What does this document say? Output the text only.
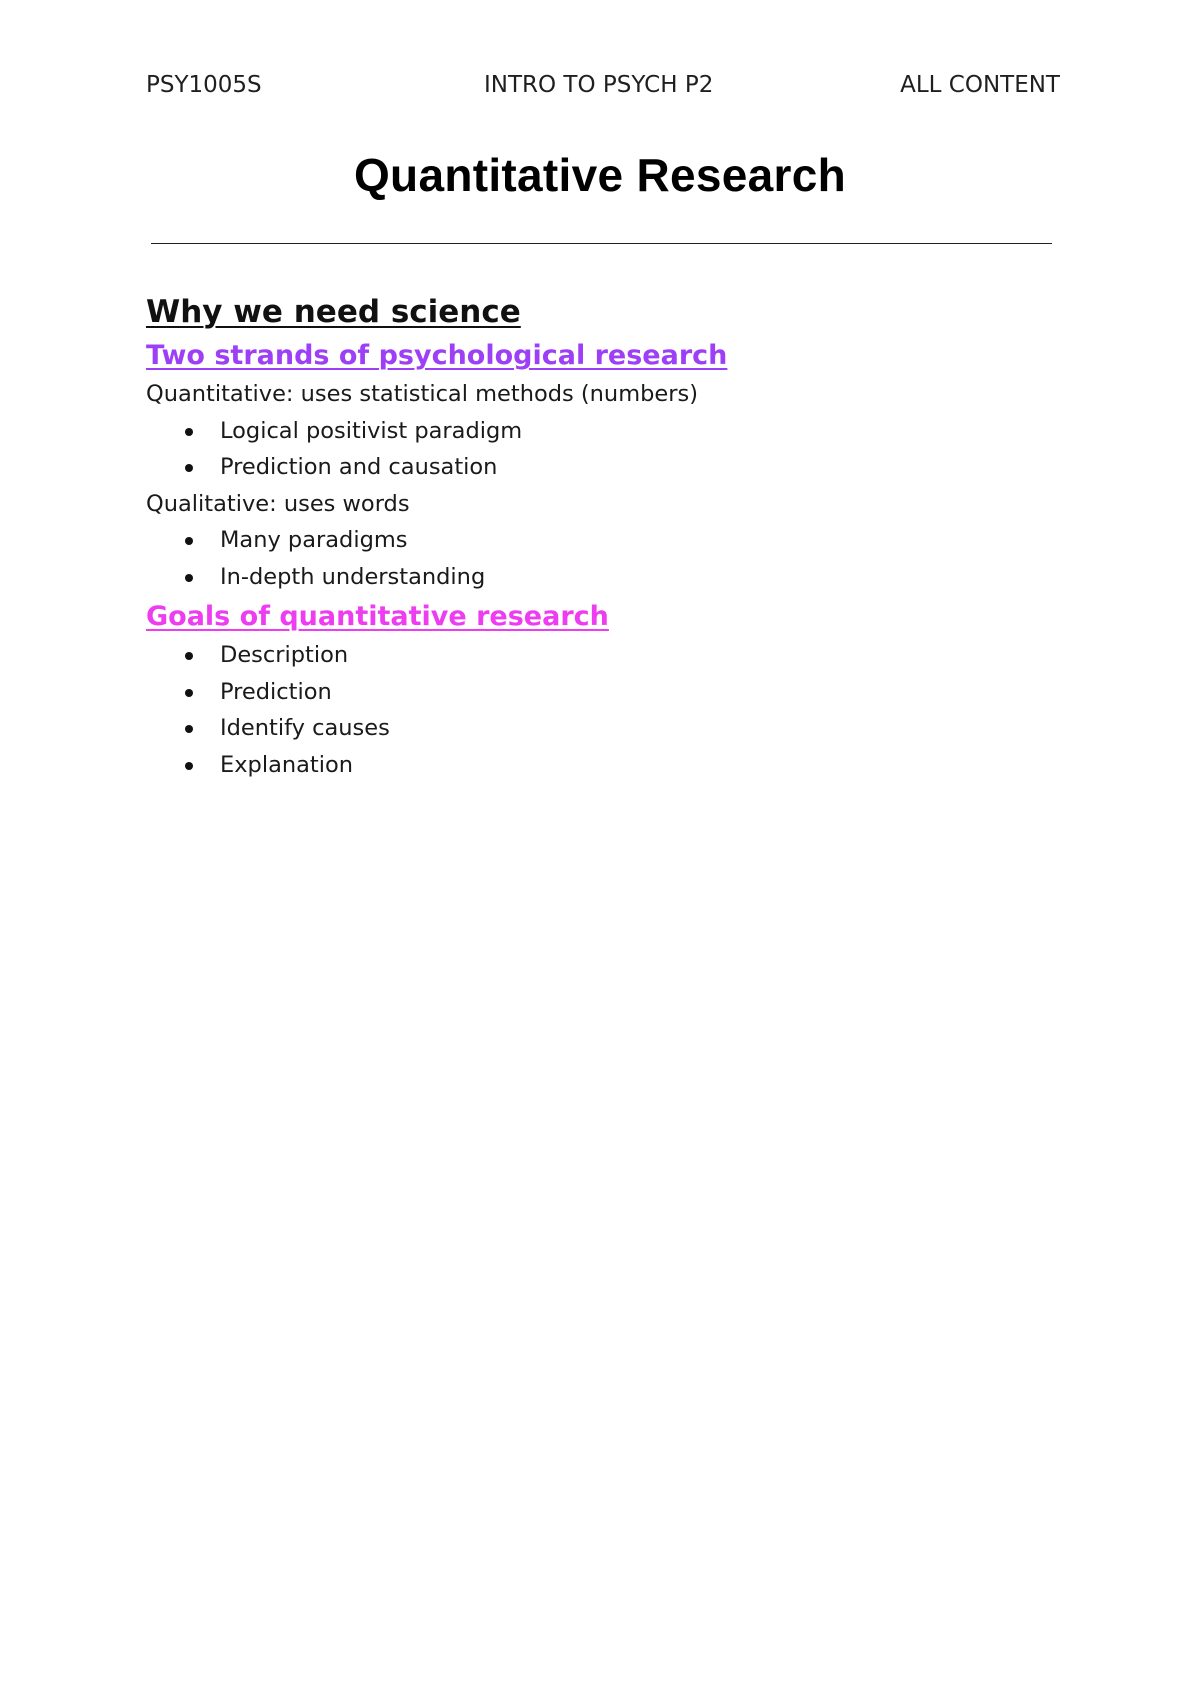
PSY1005S	INTRO TO PSYCH P2	ALL CONTENT
Quantitative Research
Why we need science
Two strands of psychological research

Quantitative: uses statistical methods (numbers)

Logical positivist paradigm
Prediction and causation

Qualitative: uses words

Many paradigms
In-depth understanding
Goals of quantitative research
Description
Prediction
Identify causes
Explanation
